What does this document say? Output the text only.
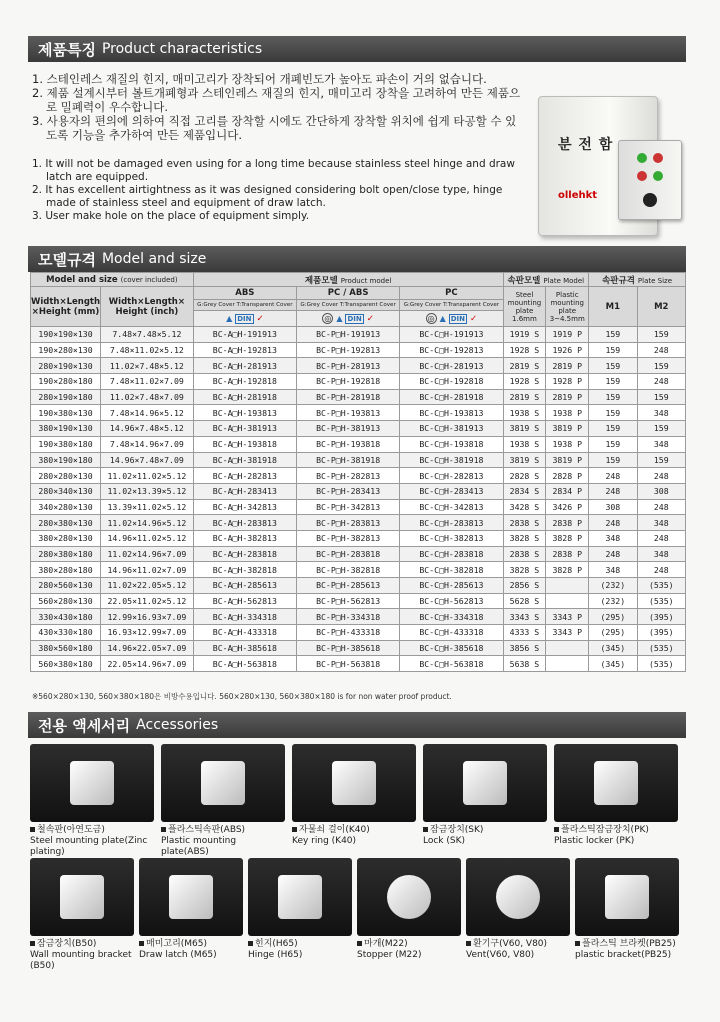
제품특징 Product characteristics

1. 스테인레스 재질의 힌지, 매미고리가 장착되어 개폐빈도가 높아도 파손이 거의 없습니다.

2. 제품 설계시부터 볼트개폐형과 스테인레스 재질의 힌지, 매미고리 장착을 고려하여 만든 제품으로 밀폐력이 우수합니다.

3. 사용자의 편의에 의하여 직접 고리를 장착할 시에도 간단하게 장착할 위치에 쉽게 타공할 수 있도록 기능을 추가하여 만든 제품입니다.

1. It will not be damaged even using for a long time because stainless steel hinge and draw latch are equipped.

2. It has excellent airtightness as it was designed considering bolt open/close type, hinge made of stainless steel and equipment of draw latch.

3. User make hole on the place of equipment simply.

분 전 함
ollehkt
모델규격 Model and size
Model and size (cover included)		제품모델 Product model			속판모델 Plate Model		속판규격 Plate Size	
Width×Length ×Height (mm)	Width×Length× Height (inch)	ABS	PC / ABS	PC	Steel mounting plate 1.6mm	Plastic mounting plate 3~4.5mm	M1	M2
		G:Grey Cover T:Transparent Cover	G:Grey Cover T:Transparent Cover	G:Grey Cover T:Transparent Cover				
		▲ DIN ✓	◎ ▲ DIN ✓	◎ ▲ DIN ✓				
190×190×130	7.48×7.48×5.12	BC-A□H-191913	BC-P□H-191913	BC-C□H-191913	1919 S	1919 P	159	159
190×280×130	7.48×11.02×5.12	BC-A□H-192813	BC-P□H-192813	BC-C□H-192813	1928 S	1926 P	159	248
280×190×130	11.02×7.48×5.12	BC-A□H-281913	BC-P□H-281913	BC-C□H-281913	2819 S	2819 P	159	159
190×280×180	7.48×11.02×7.09	BC-A□H-192818	BC-P□H-192818	BC-C□H-192818	1928 S	1928 P	159	248
280×190×180	11.02×7.48×7.09	BC-A□H-281918	BC-P□H-281918	BC-C□H-281918	2819 S	2819 P	159	159
190×380×130	7.48×14.96×5.12	BC-A□H-193813	BC-P□H-193813	BC-C□H-193813	1938 S	1938 P	159	348
380×190×130	14.96×7.48×5.12	BC-A□H-381913	BC-P□H-381913	BC-C□H-381913	3819 S	3819 P	159	159
190×380×180	7.48×14.96×7.09	BC-A□H-193818	BC-P□H-193818	BC-C□H-193818	1938 S	1938 P	159	348
380×190×180	14.96×7.48×7.09	BC-A□H-381918	BC-P□H-381918	BC-C□H-381918	3819 S	3819 P	159	159
280×280×130	11.02×11.02×5.12	BC-A□H-282813	BC-P□H-282813	BC-C□H-282813	2828 S	2828 P	248	248
280×340×130	11.02×13.39×5.12	BC-A□H-283413	BC-P□H-283413	BC-C□H-283413	2834 S	2834 P	248	308
340×280×130	13.39×11.02×5.12	BC-A□H-342813	BC-P□H-342813	BC-C□H-342813	3428 S	3426 P	308	248
280×380×130	11.02×14.96×5.12	BC-A□H-283813	BC-P□H-283813	BC-C□H-283813	2838 S	2838 P	248	348
380×280×130	14.96×11.02×5.12	BC-A□H-382813	BC-P□H-382813	BC-C□H-382813	3828 S	3828 P	348	248
280×380×180	11.02×14.96×7.09	BC-A□H-283818	BC-P□H-283818	BC-C□H-283818	2838 S	2838 P	248	348
380×280×180	14.96×11.02×7.09	BC-A□H-382818	BC-P□H-382818	BC-C□H-382818	3828 S	3828 P	348	248
280×560×130	11.02×22.05×5.12	BC-A□H-285613	BC-P□H-285613	BC-C□H-285613	2856 S		(232)	(535)
560×280×130	22.05×11.02×5.12	BC-A□H-562813	BC-P□H-562813	BC-C□H-562813	5628 S		(232)	(535)
330×430×180	12.99×16.93×7.09	BC-A□H-334318	BC-P□H-334318	BC-C□H-334318	3343 S	3343 P	(295)	(395)
430×330×180	16.93×12.99×7.09	BC-A□H-433318	BC-P□H-433318	BC-C□H-433318	4333 S	3343 P	(295)	(395)
380×560×180	14.96×22.05×7.09	BC-A□H-385618	BC-P□H-385618	BC-C□H-385618	3856 S		(345)	(535)
560×380×180	22.05×14.96×7.09	BC-A□H-563818	BC-P□H-563818	BC-C□H-563818	5638 S		(345)	(535)
※560×280×130, 560×380×180은 비방수용입니다. 560×280×130, 560×380×180 is for non water proof product.
전용 액세서리 Accessories
철속판(아연도금)
Steel mounting plate(Zinc plating)
플라스틱속판(ABS)
Plastic mounting plate(ABS)
자물쇠 걸이(K40)
Key ring (K40)
잠금장치(SK)
Lock (SK)
플라스틱잠금장치(PK)
Plastic locker (PK)
잠금장치(B50)
Wall mounting bracket (B50)
매미고리(M65)
Draw latch (M65)
힌지(H65)
Hinge (H65)
마개(M22)
Stopper (M22)
환기구(V60, V80)
Vent(V60, V80)
플라스틱 브라켓(PB25)
plastic bracket(PB25)
